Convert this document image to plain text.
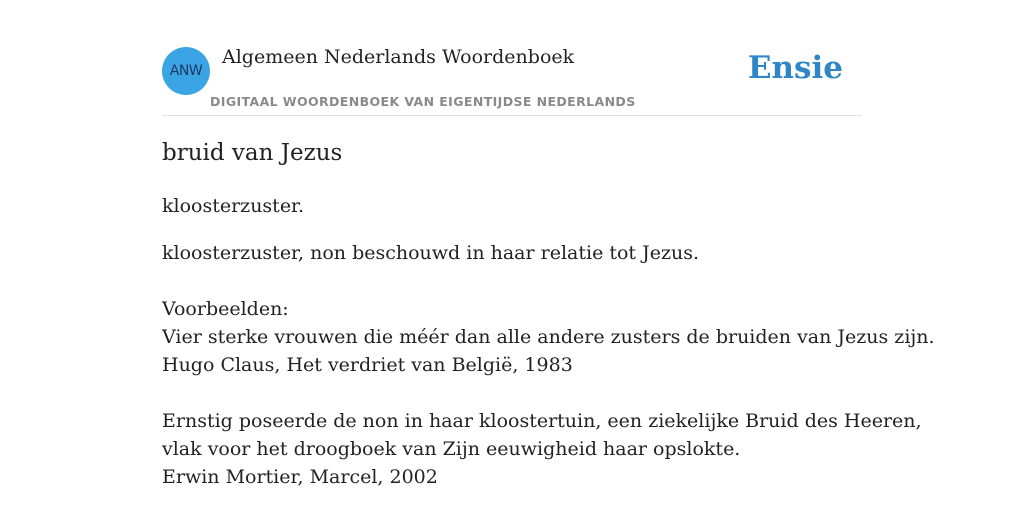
ANW
Algemeen Nederlands Woordenboek
DIGITAAL WOORDENBOEK VAN EIGENTIJDSE NEDERLANDS
Ensie
bruid van Jezus
kloosterzuster.
kloosterzuster, non beschouwd in haar relatie tot Jezus.
Voorbeelden:
Vier sterke vrouwen die méér dan alle andere zusters de bruiden van Jezus zijn.
Hugo Claus, Het verdriet van België, 1983
Ernstig poseerde de non in haar kloostertuin, een ziekelijke Bruid des Heeren,
vlak voor het droogboek van Zijn eeuwigheid haar opslokte.
Erwin Mortier, Marcel, 2002
